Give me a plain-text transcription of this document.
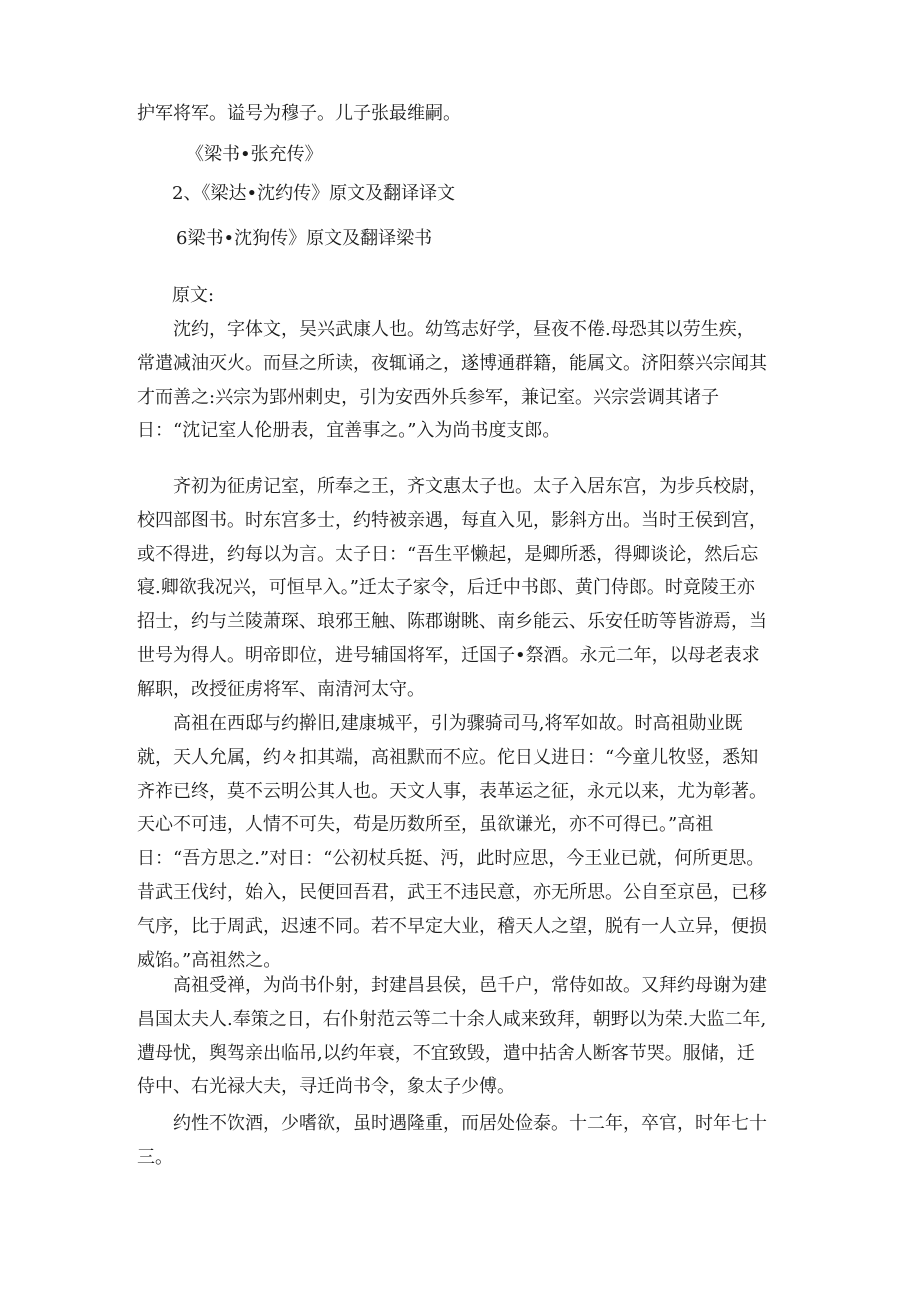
护军将军。谥号为穆子。儿子张最维嗣。

《梁书•张充传》

2、《梁达•沈约传》原文及翻译译文

6梁书•沈狗传》原文及翻译梁书

原文:

沈约，字体文，吴兴武康人也。幼笃志好学，昼夜不倦.母恐其以劳生疾，常遣减油灭火。而昼之所读，夜辄诵之，遂博通群籍，能属文。济阳蔡兴宗闻其才而善之:兴宗为郢州剌史，引为安西外兵参军，兼记室。兴宗尝调其诸子日：“沈记室人伦册表，宜善事之。”入为尚书度支郎。

齐初为征虏记室，所奉之王，齐文惠太子也。太子入居东宫，为步兵校尉，校四部图书。时东宫多士，约特被亲遇，每直入见，影斜方出。当时王侯到宫，或不得进，约每以为言。太子日：“吾生平懒起，是卿所悉，得卿谈论，然后忘寝.卿欲我况兴，可恒早入。”迁太子家令，后迁中书郎、黄门侍郎。时竟陵王亦招士，约与兰陵萧琛、琅邪王触、陈郡谢眺、南乡能云、乐安任昉等皆游焉，当世号为得人。明帝即位，进号辅国将军，迁国子•祭酒。永元二年，以母老表求解职，改授征虏将军、南清河太守。

高祖在西邸与约擀旧,建康城平，引为骤骑司马,将军如故。时高祖勋业既就，天人允属，约々扣其端，高祖默而不应。佗日乂进日：“今童儿牧竖，悉知齐祚已终，莫不云明公其人也。天文人事，表革运之征，永元以来，尤为彰著。天心不可违，人情不可失，苟是历数所至，虽欲谦光，亦不可得已。”高祖日：“吾方思之.”对日：“公初杖兵挺、沔，此时应思，今王业已就，何所更思。昔武王伐纣，始入，民便回吾君，武王不违民意，亦无所思。公自至京邑，已移气序，比于周武，迟速不同。若不早定大业，稽天人之望，脱有一人立异，便损威馅。”高祖然之。

高祖受禅，为尚书仆射，封建昌县侯，邑千户，常侍如故。又拜约母谢为建昌国太夫人.奉策之日，右仆射范云等二十余人咸来致拜，朝野以为荣.大监二年,遭母忧，舆驾亲出临吊,以约年衰，不宜致毁，遣中拈舍人断客节哭。服储，迁侍中、右光禄大夫，寻迁尚书令，象太子少傅。

约性不饮酒，少嗜欲，虽时遇隆重，而居处俭泰。十二年，卒官，时年七十三。
